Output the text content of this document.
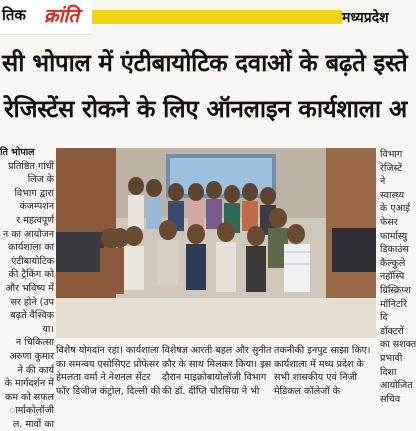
तिक क्रांति	मध्यप्रदेश
सी भोपाल में एंटीबायोटिक दवाओं के बढ़ते इस्ते
रेजिस्टेंस रोकने के लिए ऑनलाइन कार्यशाला अ
ति भोपाल
प्रतिष्ठित गांधी
लिज के
विभाग द्वारा
कंजम्पशन
र महत्वपूर्ण
न का आयोजन
कार्यशाला का
एंटीबायोटिक
की ट्रैकिंग को
और भविष्य में
सर होने (उप
बढ़ते वैश्विक
या।
न चिकित्सा
अरुणा कुमार
ने की कार्य
के मार्गदर्शन में
कम को सफल
ार्माकोलॉजी
ल. मावों का
विभाग
रेजिस्टें
ने
स्वास्थ्य
के एआई
फेसर
फार्मास्यु
डिकाउंस
कैल्कुले
नहॉस्पि
ग्रिस्क्रिप्श
मॉनिटरि
दि
डॉक्टरों
का सशक्त
प्रभावी
दिशा
आयोजित
सचिव
विशेष योगदान रहा। कार्यशाला
का समन्वय एसोसिएट प्रोफेसर
हेमलता वर्मा ने नेशनल सेंटर
फॉर डिजीज कंट्रोल, दिल्ली की
विशेषज्ञ आरती बहल और सुनीत
कौर के साथ मिलकर किया। इस
दौरान माइक्रोबायोलॉजी विभाग
की डॉ. दीप्ति चौरसिया ने भी
तकनीकी इनपुट साझा किए।
कार्यशाला में मध्य प्रदेश के
सभी शासकीय एवं निजी
मेडिकल कॉलेजों के
